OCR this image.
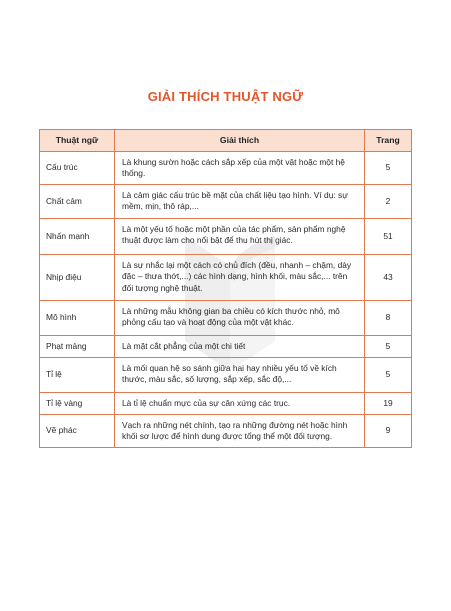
GIẢI THÍCH THUẬT NGỮ
Thuật ngữ	Giải thích	Trang
Cấu trúc	Là khung sườn hoặc cách sắp xếp của một vật hoặc một hệ thống.	5
Chất cảm	Là cảm giác cấu trúc bề mặt của chất liệu tạo hình. Ví dụ: sự mềm, mịn, thô ráp,...	2
Nhấn mạnh	Là một yếu tố hoặc một phần của tác phẩm, sản phẩm nghệ thuật được làm cho nổi bật để thu hút thị giác.	51
Nhịp điệu	Là sự nhắc lại một cách có chủ đích (đều, nhanh – chậm, dày đặc – thưa thớt,...) các hình dạng, hình khối, màu sắc,... trên đối tượng nghệ thuật.	43
Mô hình	Là những mẫu không gian ba chiều có kích thước nhỏ, mô phỏng cấu tạo và hoạt động của một vật khác.	8
Phạt mảng	Là mặt cắt phẳng của một chi tiết	5
Tỉ lệ	Là mối quan hệ so sánh giữa hai hay nhiều yếu tố về kích thước, màu sắc, số lượng, sắp xếp, sắc độ,...	5
Tỉ lệ vàng	Là tỉ lệ chuẩn mực của sự cân xứng các trục.	19
Vẽ phác	Vạch ra những nét chính, tạo ra những đường nét hoặc hình khối sơ lược để hình dung được tổng thể một đối tượng.	9
